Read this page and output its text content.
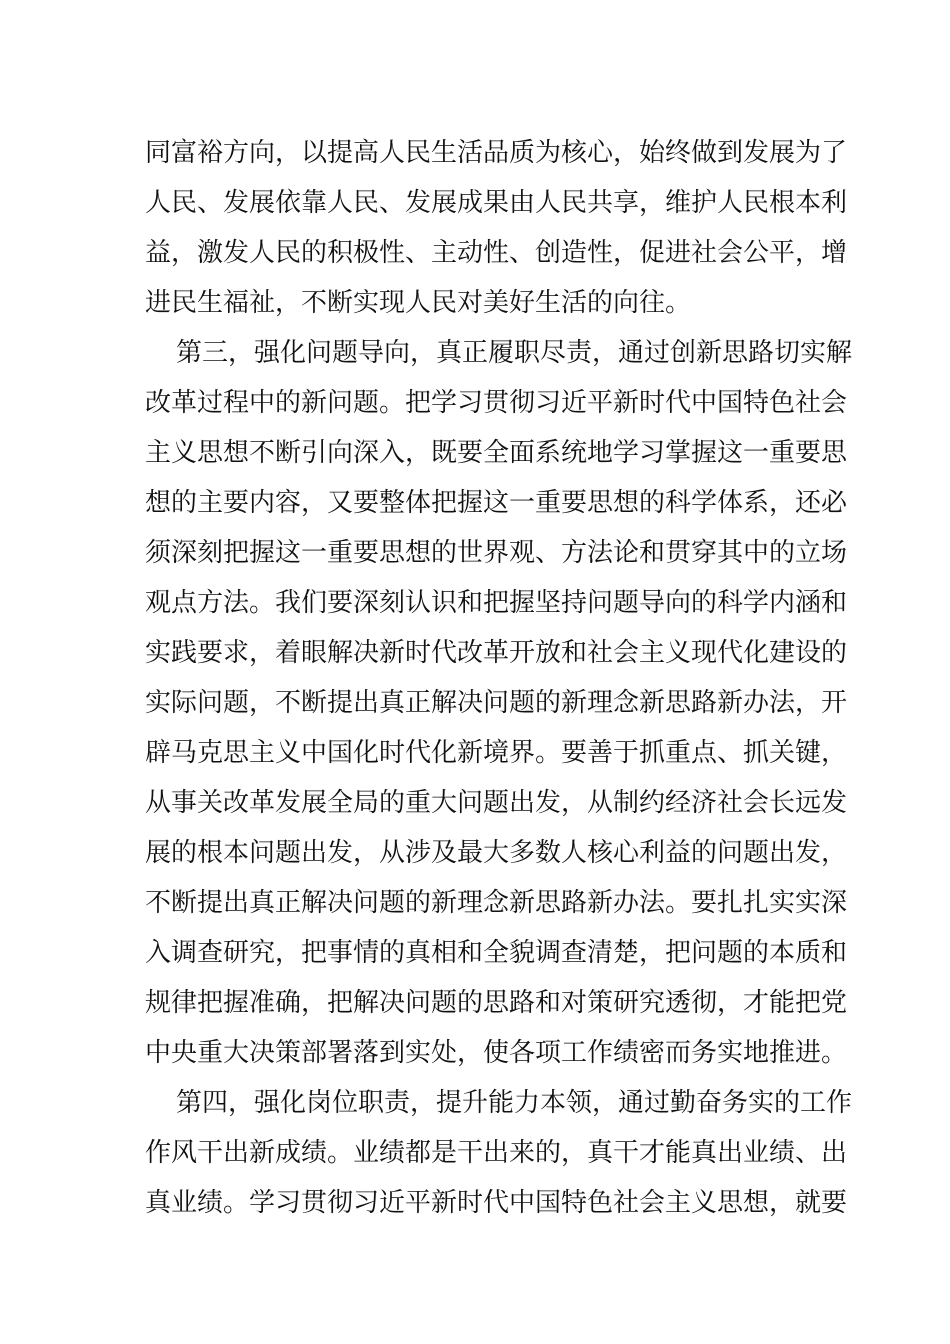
同富裕方向，以提高人民生活品质为核心，始终做到发展为了
人民、发展依靠人民、发展成果由人民共享，维护人民根本利
益，激发人民的积极性、主动性、创造性，促进社会公平，增
进民生福祉，不断实现人民对美好生活的向往。
第三，强化问题导向，真正履职尽责，通过创新思路切实解
改革过程中的新问题。把学习贯彻习近平新时代中国特色社会
主义思想不断引向深入，既要全面系统地学习掌握这一重要思
想的主要内容，又要整体把握这一重要思想的科学体系，还必
须深刻把握这一重要思想的世界观、方法论和贯穿其中的立场
观点方法。我们要深刻认识和把握坚持问题导向的科学内涵和
实践要求，着眼解决新时代改革开放和社会主义现代化建设的
实际问题，不断提出真正解决问题的新理念新思路新办法，开
辟马克思主义中国化时代化新境界。要善于抓重点、抓关键，
从事关改革发展全局的重大问题出发，从制约经济社会长远发
展的根本问题出发，从涉及最大多数人核心利益的问题出发，
不断提出真正解决问题的新理念新思路新办法。要扎扎实实深
入调查研究，把事情的真相和全貌调查清楚，把问题的本质和
规律把握准确，把解决问题的思路和对策研究透彻，才能把党
中央重大决策部署落到实处，使各项工作绩密而务实地推进。
第四，强化岗位职责，提升能力本领，通过勤奋务实的工作
作风干出新成绩。业绩都是干出来的，真干才能真出业绩、出
真业绩。学习贯彻习近平新时代中国特色社会主义思想，就要
